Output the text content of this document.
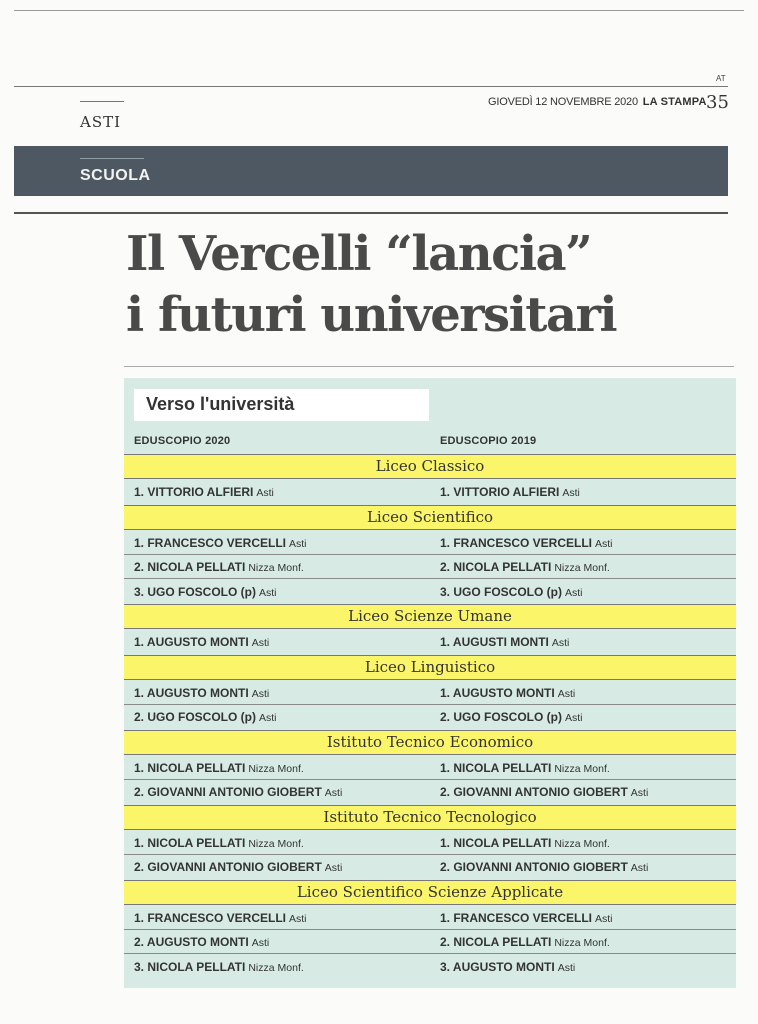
AT
GIOVEDÌ 12 NOVEMBRE 2020 LA STAMPA 35
ASTI
SCUOLA
Il Vercelli “lancia”
i futuri universitari
Verso l'università
EDUSCOPIO 2020	EDUSCOPIO 2019
Liceo Classico
1. VITTORIO ALFIERI Asti	1. VITTORIO ALFIERI Asti
Liceo Scientifico
1. FRANCESCO VERCELLI Asti	1. FRANCESCO VERCELLI Asti
2. NICOLA PELLATI Nizza Monf.	2. NICOLA PELLATI Nizza Monf.
3. UGO FOSCOLO (p) Asti	3. UGO FOSCOLO (p) Asti
Liceo Scienze Umane
1. AUGUSTO MONTI Asti	1. AUGUSTI MONTI Asti
Liceo Linguistico
1. AUGUSTO MONTI Asti	1. AUGUSTO MONTI Asti
2. UGO FOSCOLO (p) Asti	2. UGO FOSCOLO (p) Asti
Istituto Tecnico Economico
1. NICOLA PELLATI Nizza Monf.	1. NICOLA PELLATI Nizza Monf.
2. GIOVANNI ANTONIO GIOBERT Asti	2. GIOVANNI ANTONIO GIOBERT Asti
Istituto Tecnico Tecnologico
1. NICOLA PELLATI Nizza Monf.	1. NICOLA PELLATI Nizza Monf.
2. GIOVANNI ANTONIO GIOBERT Asti	2. GIOVANNI ANTONIO GIOBERT Asti
Liceo Scientifico Scienze Applicate
1. FRANCESCO VERCELLI Asti	1. FRANCESCO VERCELLI Asti
2. AUGUSTO MONTI Asti	2. NICOLA PELLATI Nizza Monf.
3. NICOLA PELLATI Nizza Monf.	3. AUGUSTO MONTI Asti
